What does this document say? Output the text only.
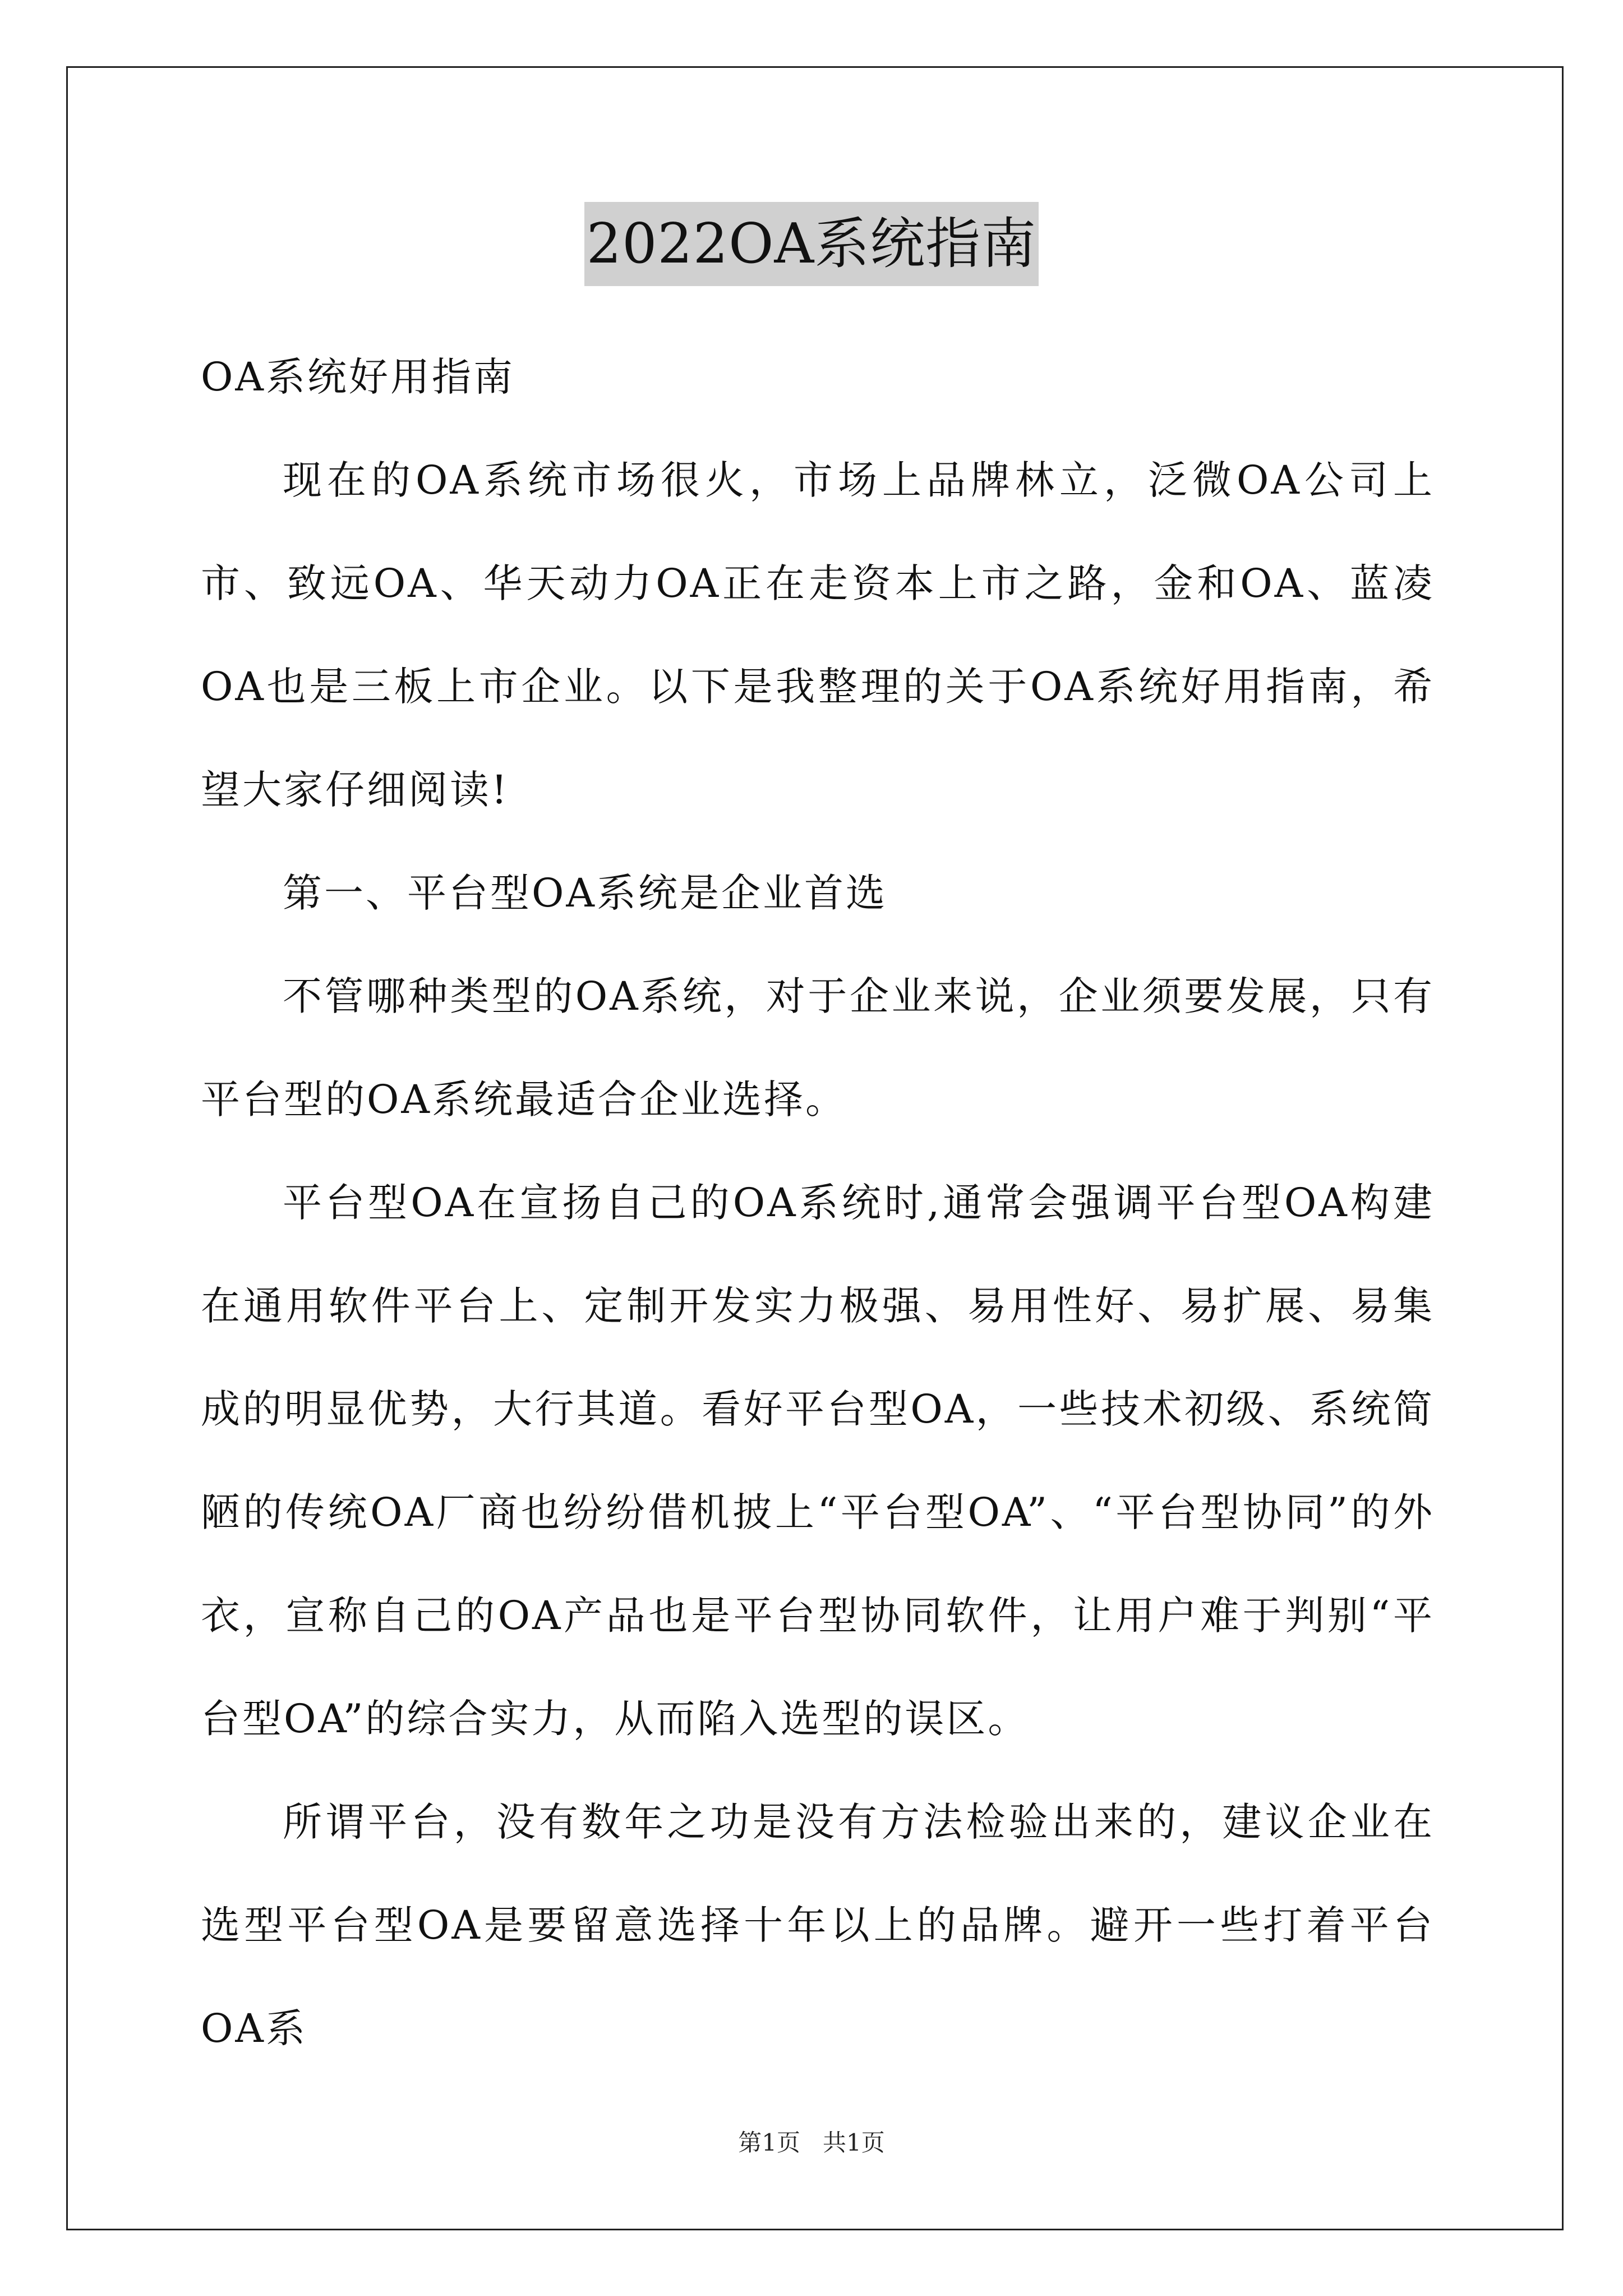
2022OA系统指南

OA系统好用指南

现在的OA系统市场很火，市场上品牌林立，泛微OA公司上市、致远OA、华天动力OA正在走资本上市之路，金和OA、蓝凌OA也是三板上市企业。以下是我整理的关于OA系统好用指南，希望大家仔细阅读!

第一、平台型OA系统是企业首选

不管哪种类型的OA系统，对于企业来说，企业须要发展，只有平台型的OA系统最适合企业选择。

平台型OA在宣扬自己的OA系统时,通常会强调平台型OA构建在通用软件平台上、定制开发实力极强、易用性好、易扩展、易集成的明显优势，大行其道。看好平台型OA，一些技术初级、系统简陋的传统OA厂商也纷纷借机披上“平台型OA”、“平台型协同”的外衣，宣称自己的OA产品也是平台型协同软件，让用户难于判别“平台型OA”的综合实力，从而陷入选型的误区。

所谓平台，没有数年之功是没有方法检验出来的，建议企业在选型平台型OA是要留意选择十年以上的品牌。避开一些打着平台OA系

第1页   共1页
